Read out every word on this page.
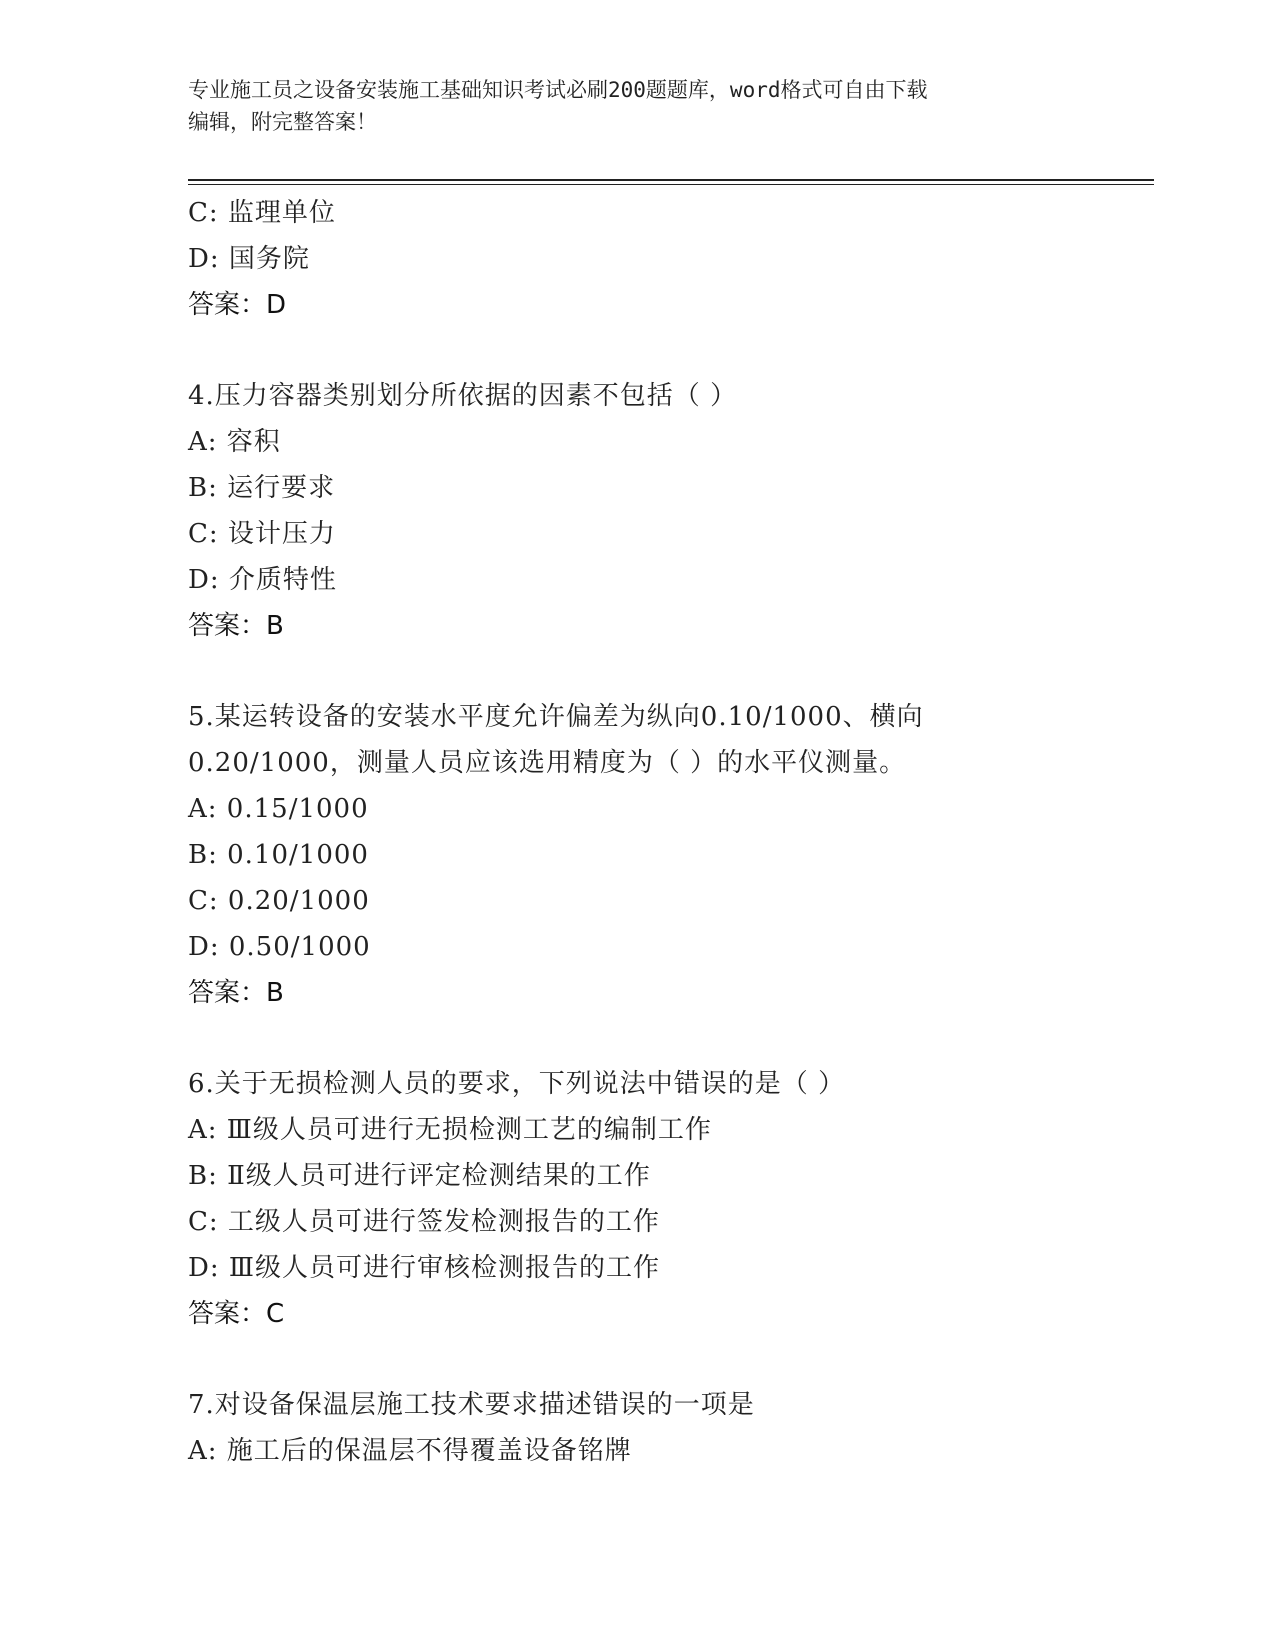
专业施工员之设备安装施工基础知识考试必刷200题题库，word格式可自由下载
编辑，附完整答案！
C: 监理单位
D: 国务院
答案：D
4.压力容器类别划分所依据的因素不包括（ ）
A: 容积
B: 运行要求
C: 设计压力
D: 介质特性
答案：B
5.某运转设备的安装水平度允许偏差为纵向0.10/1000、横向
0.20/1000，测量人员应该选用精度为（ ）的水平仪测量。
A: 0.15/1000
B: 0.10/1000
C: 0.20/1000
D: 0.50/1000
答案：B
6.关于无损检测人员的要求，下列说法中错误的是（ ）
A: Ⅲ级人员可进行无损检测工艺的编制工作
B: Ⅱ级人员可进行评定检测结果的工作
C: 工级人员可进行签发检测报告的工作
D: Ⅲ级人员可进行审核检测报告的工作
答案：C
7.对设备保温层施工技术要求描述错误的一项是
A: 施工后的保温层不得覆盖设备铭牌
